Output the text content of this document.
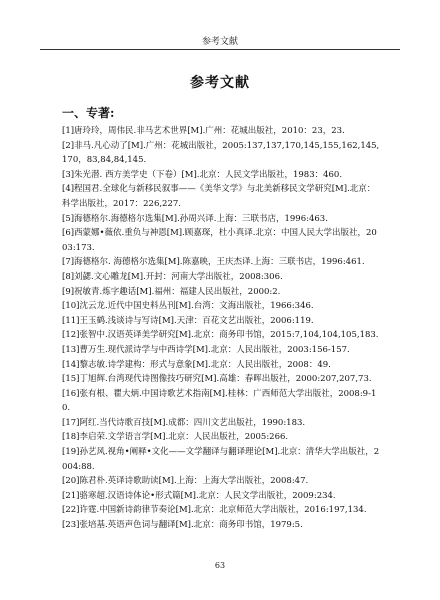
参考文献
参考文献
一、专著:
[1]唐玲玲，周伟民.非马艺术世界[M].广州：花城出版社，2010：23，23.
[2]非马.凡心动了[M].广州：花城出版社，2005:137,137,170,145,155,162,145,170，83,84,84,145.
[3]朱光潜. 西方美学史（下卷）[M].北京：人民文学出版社，1983：460.
[4]程国君.全球化与新移民叙事——《美华文学》与北美新移民文学研究[M].北京：科学出版社，2017：226,227.
[5]海德格尔.海德格尔选集[M].孙周兴译.上海：三联书店，1996:463.
[6]西蒙娜•薇依.重负与神恩[M].顾嘉琛，杜小真译.北京：中国人民大学出版社，2003:173.
[7]海德格尔. 海德格尔选集[M].陈嘉映，王庆杰译.上海：三联书店，1996:461.
[8]刘勰.文心雕龙[M].开封：河南大学出版社，2008:306.
[9]祝敏青.炼字趣话[M].福州：福建人民出版社，2000:2.
[10]沈云龙.近代中国史料丛刊[M].台湾：文海出版社，1966:346.
[11]王玉鹤.浅谈诗与写诗[M].天津：百花文艺出版社，2006:119.
[12]张智中.汉语英译美学研究[M].北京：商务印书馆，2015:7,104,104,105,183.
[13]曹万生.现代派诗学与中西诗学[M].北京：人民出版社，2003:156-157.
[14]黎志敏.诗学建构：形式与意象[M].北京：人民出版社，2008：49.
[15]丁旭辉.台湾现代诗图像技巧研究[M].高雄：春晖出版社，2000:207,207,73.
[16]张有根、瞿大炳.中国诗歌艺术指南[M].桂林：广西师范大学出版社，2008:9-10.
[17]阿红.当代诗歌百技[M].成都：四川文艺出版社，1990:183.
[18]李启荣.文学语言学[M].北京：人民出版社，2005:266.
[19]孙艺风.视角•阐释•文化——文学翻译与翻译理论[M].北京：清华大学出版社，2004:88.
[20]陈君朴.英译诗歌助读[M].上海：上海大学出版社，2008:47.
[21]骆寒超.汉语诗体论•形式篇[M].北京：人民文学出版社，2009:234.
[22]许霆.中国新诗韵律节奏论[M].北京：北京师范大学出版社，2016:197,134.
[23]张培基.英语声色词与翻译[M].北京：商务印书馆，1979:5.
63
